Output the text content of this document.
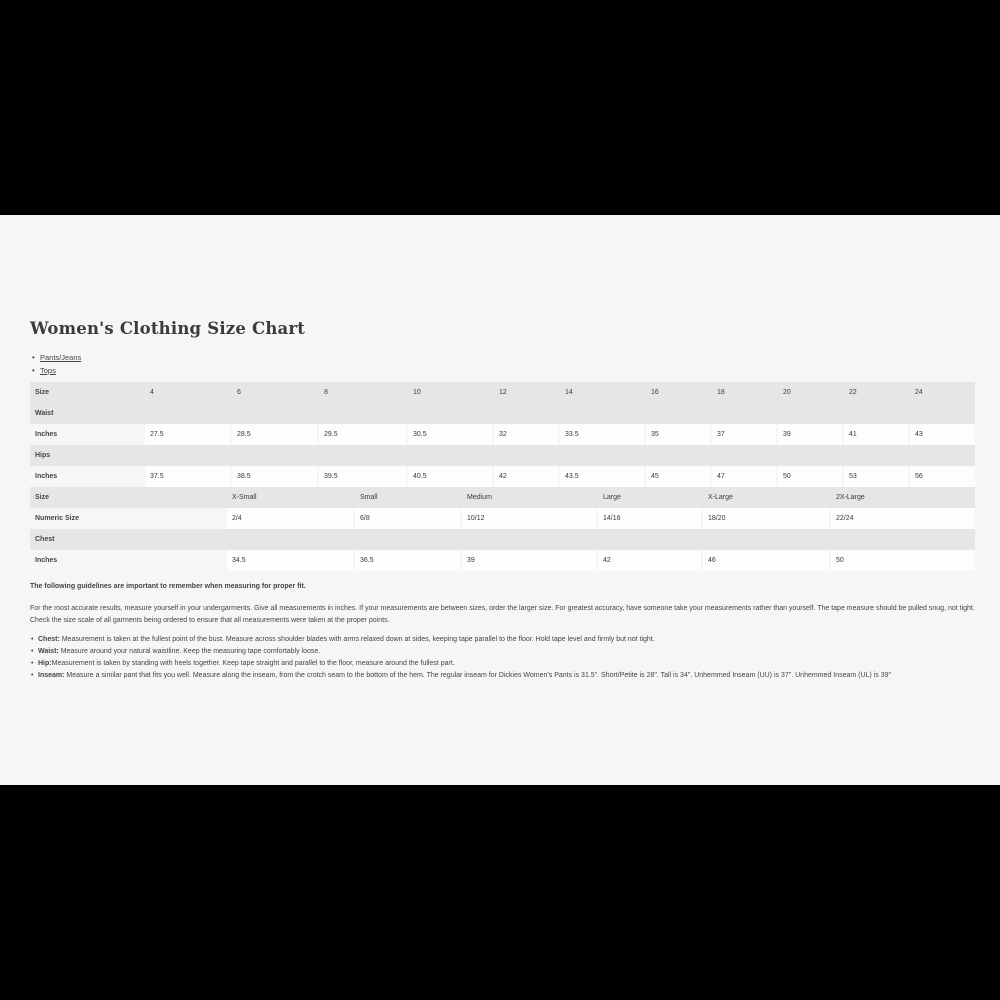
Women's Clothing Size Chart
• Pants/Jeans
• Tops
Size	4	6	8	10	12	14	16	18	20	22	24
Waist
Inches	27.5	28.5	29.5	30.5	32	33.5	35	37	39	41	43
Hips
Inches	37.5	38.5	39.5	40.5	42	43.5	45	47	50	53	56
Size	X-Small	Small	Medium	Large	X-Large	2X-Large
Numeric Size	2/4	6/8	10/12	14/16	18/20	22/24
Chest
Inches	34.5	36.5	39	42	46	50

The following guidelines are important to remember when measuring for proper fit.

For the most accurate results, measure yourself in your undergarments. Give all measurements in inches. If your measurements are between sizes, order the larger size. For greatest accuracy, have someone take your measurements rather than yourself. The tape measure should be pulled snug, not tight. Check the size scale of all garments being ordered to ensure that all measurements were taken at the proper points.

• Chest: Measurement is taken at the fullest point of the bust. Measure across shoulder blades with arms relaxed down at sides, keeping tape parallel to the floor. Hold tape level and firmly but not tight.
• Waist: Measure around your natural waistline. Keep the measuring tape comfortably loose.
• Hip:Measurement is taken by standing with heels together. Keep tape straight and parallel to the floor, measure around the fullest part.
• Inseam: Measure a similar pant that fits you well. Measure along the inseam, from the crotch seam to the bottom of the hem. The regular inseam for Dickies Women's Pants is 31.5". Short/Petite is 28". Tall is 34". Unhemmed Inseam (UU) is 37". Unhemmed Inseam (UL) is 39"
